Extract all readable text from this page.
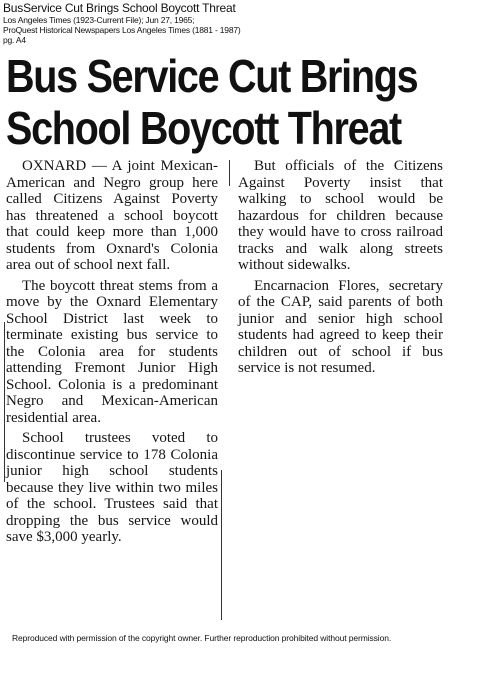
BusService Cut Brings School Boycott Threat
Los Angeles Times (1923-Current File); Jun 27, 1965;
ProQuest Historical Newspapers Los Angeles Times (1881 - 1987)
pg. A4
Bus Service Cut Brings
School Boycott Threat

OXNARD — A joint Mexican-American and Negro group here called Citizens Against Poverty has threatened a school boycott that could keep more than 1,000 students from Oxnard's Colonia area out of school next fall.

The boycott threat stems from a move by the Oxnard Elementary School District last week to terminate existing bus service to the Colonia area for students attending Fremont Junior High School. Colonia is a predominant Negro and Mexican-American residential area.

School trustees voted to discontinue service to 178 Colonia junior high school students because they live within two miles of the school. Trustees said that dropping the bus service would save $3,000 yearly.

But officials of the Citizens Against Poverty insist that walking to school would be hazardous for children because they would have to cross railroad tracks and walk along streets without sidewalks.

Encarnacion Flores, secretary of the CAP, said parents of both junior and senior high school students had agreed to keep their children out of school if bus service is not resumed.

Reproduced with permission of the copyright owner. Further reproduction prohibited without permission.
